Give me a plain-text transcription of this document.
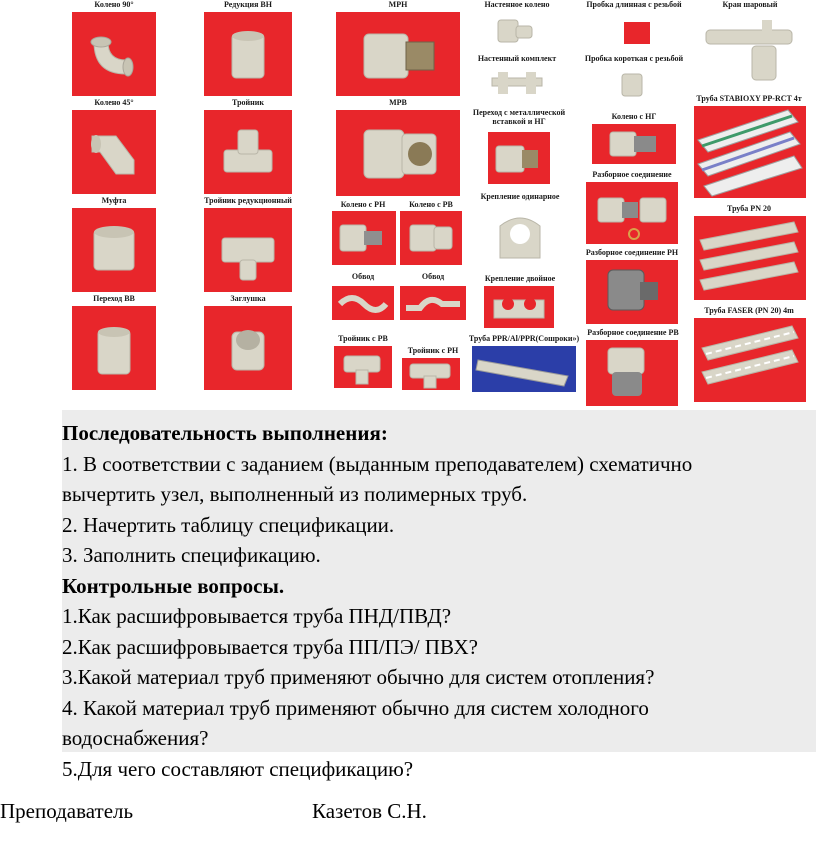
Колено 90°
Колено 45°
Муфта
Переход ВВ
Редукция ВН
Тройник
Тройник редукционный
Заглушка
МРН
МРВ
Колено с РН	Колено с РВ
Обвод	Обвод
Тройник с РВ
Тройник с РН
Настенное колено
Настенный комплект
Переход с металлической вставкой и НГ
Крепление одинарное
Крепление двойное
Труба PPR/Al/PPR(Сошроки»)
Пробка длинная с резьбой
Пробка короткая с резьбой
Колено с НГ
Разборное соединение
Разборное соединение РН
Разборное соединение РВ
Кран шаровый
Труба STABIOXY PP-RCT 4т
Труба PN 20
Труба FASER (PN 20) 4m
Последовательность выполнения:
1. В соответствии с заданием (выданным преподавателем) схематично
вычертить узел, выполненный из полимерных труб.
2. Начертить таблицу спецификации.
3. Заполнить спецификацию.
Контрольные вопросы.
1.Как расшифровывается труба ПНД/ПВД?
2.Как расшифровывается труба ПП/ПЭ/ ПВХ?
3.Какой материал труб применяют обычно для систем отопления?
4. Какой материал труб применяют обычно для систем холодного
водоснабжения?
5.Для чего составляют спецификацию?
Преподаватель	Казетов С.Н.
